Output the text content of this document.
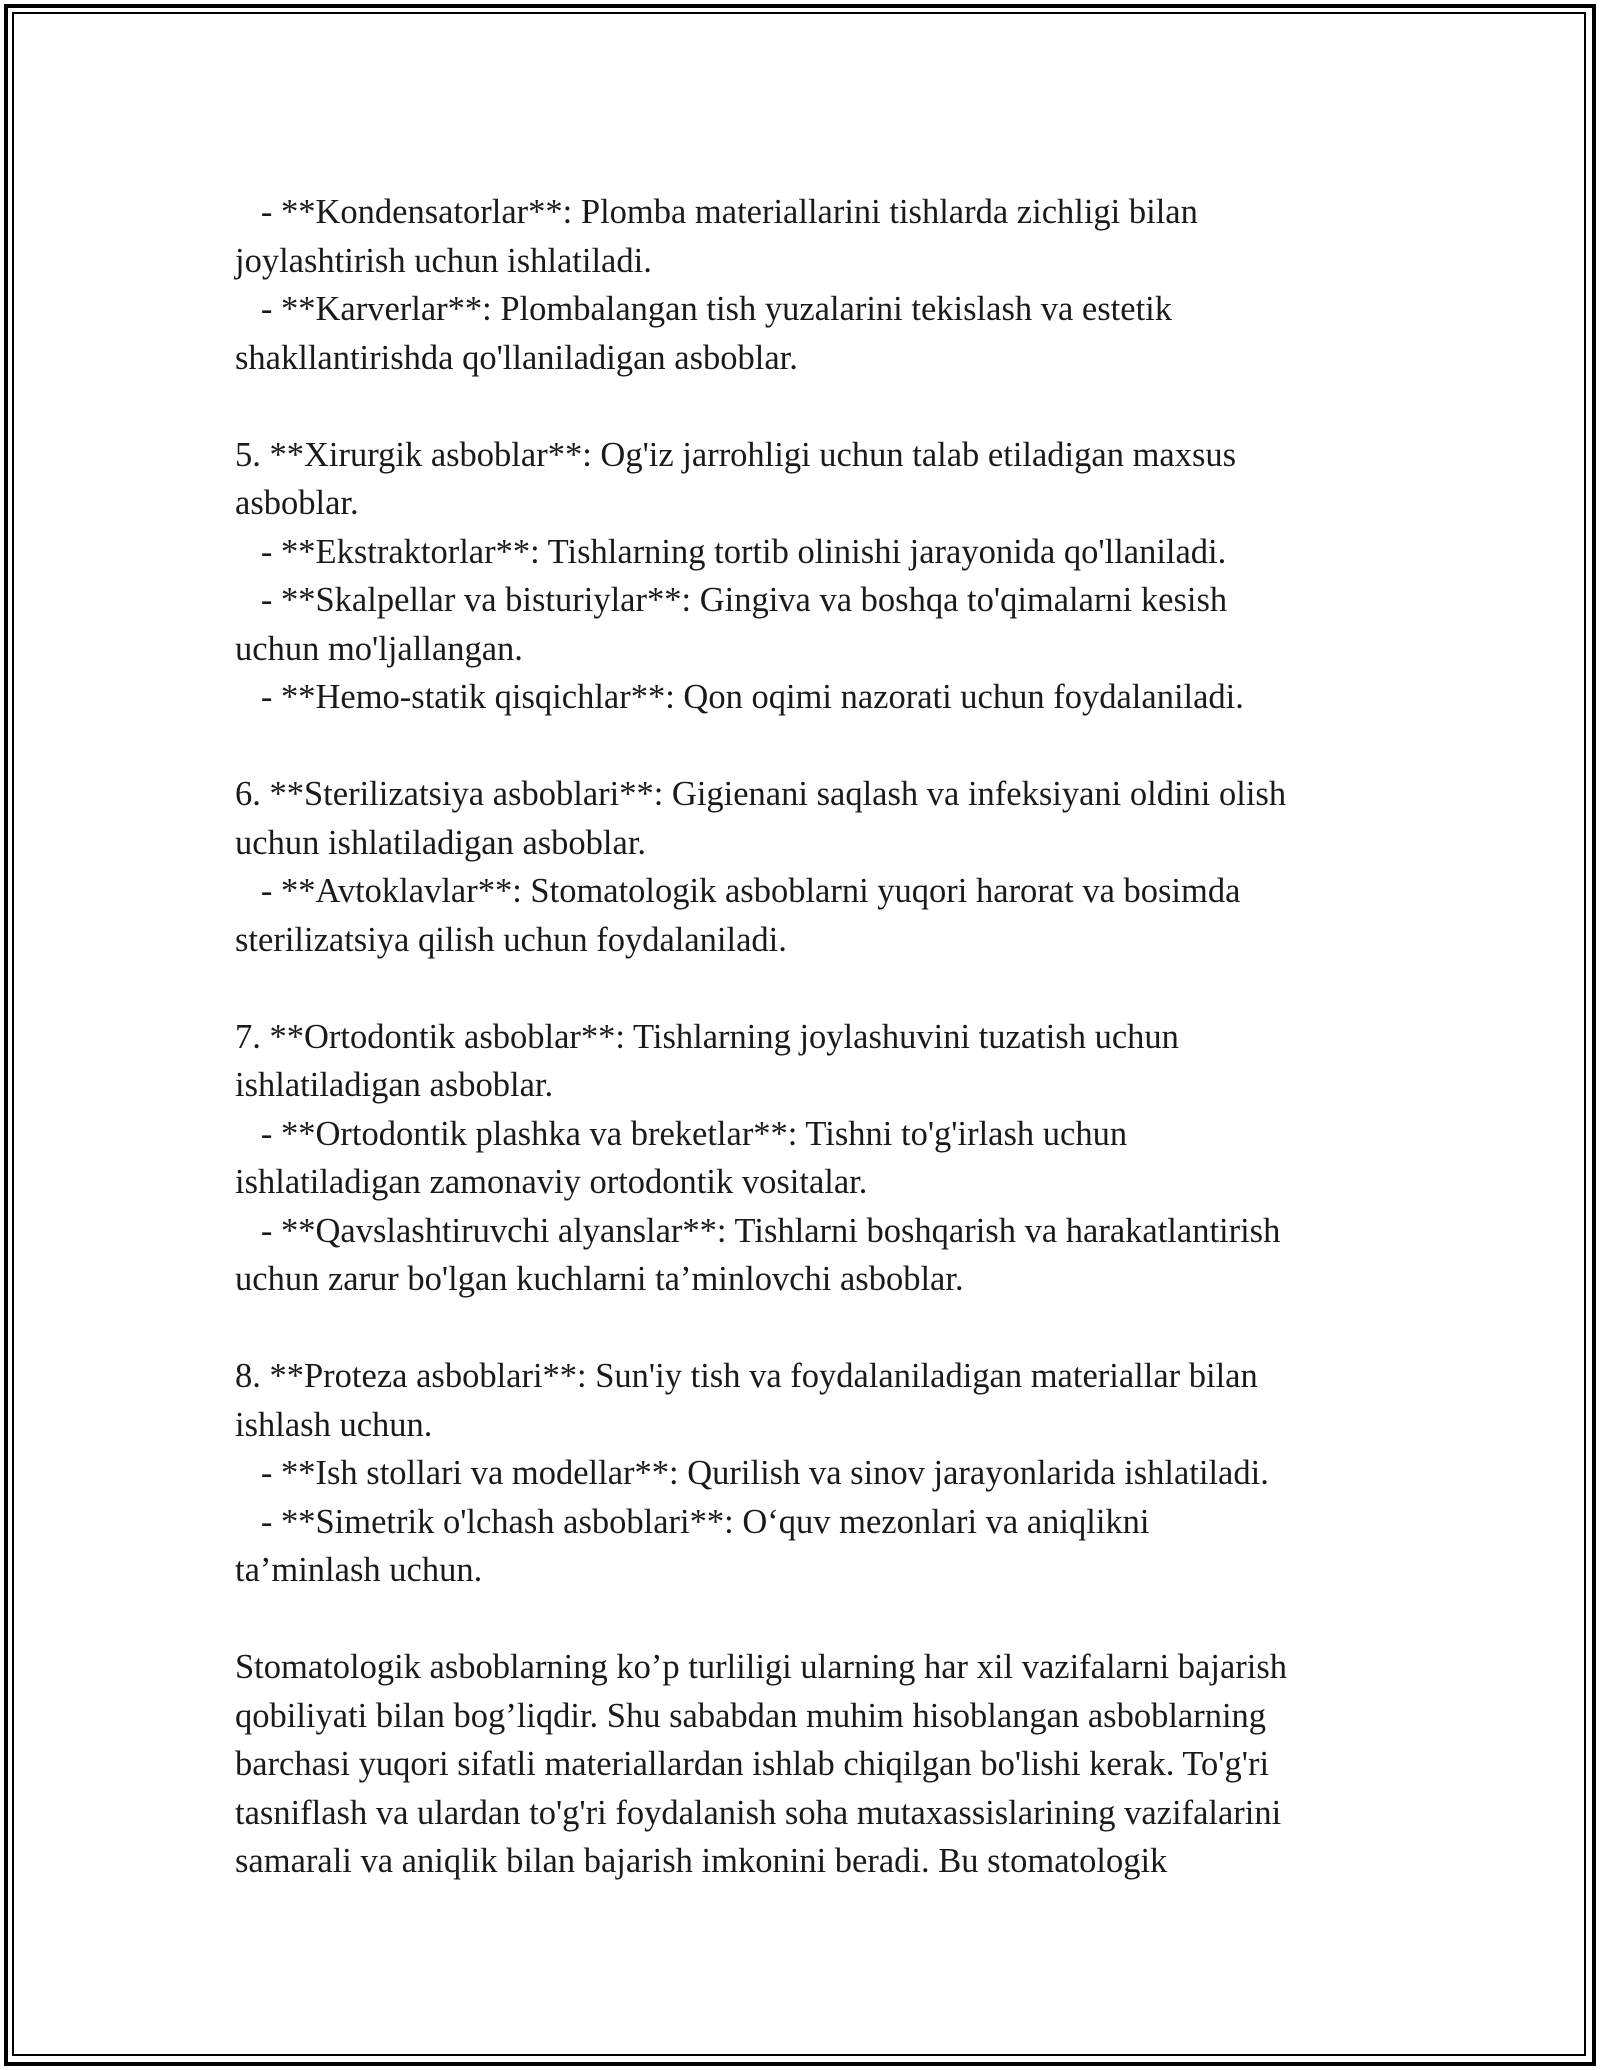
- **Kondensatorlar**: Plomba materiallarini tishlarda zichligi bilan
joylashtirish uchun ishlatiladi.
- **Karverlar**: Plombalangan tish yuzalarini tekislash va estetik
shakllantirishda qo'llaniladigan asboblar.
5. **Xirurgik asboblar**: Og'iz jarrohligi uchun talab etiladigan maxsus
asboblar.
- **Ekstraktorlar**: Tishlarning tortib olinishi jarayonida qo'llaniladi.
- **Skalpellar va bisturiylar**: Gingiva va boshqa to'qimalarni kesish
uchun mo'ljallangan.
- **Hemo-statik qisqichlar**: Qon oqimi nazorati uchun foydalaniladi.
6. **Sterilizatsiya asboblari**: Gigienani saqlash va infeksiyani oldini olish
uchun ishlatiladigan asboblar.
- **Avtoklavlar**: Stomatologik asboblarni yuqori harorat va bosimda
sterilizatsiya qilish uchun foydalaniladi.
7. **Ortodontik asboblar**: Tishlarning joylashuvini tuzatish uchun
ishlatiladigan asboblar.
- **Ortodontik plashka va breketlar**: Tishni to'g'irlash uchun
ishlatiladigan zamonaviy ortodontik vositalar.
- **Qavslashtiruvchi alyanslar**: Tishlarni boshqarish va harakatlantirish
uchun zarur bo'lgan kuchlarni ta’minlovchi asboblar.
8. **Proteza asboblari**: Sun'iy tish va foydalaniladigan materiallar bilan
ishlash uchun.
- **Ish stollari va modellar**: Qurilish va sinov jarayonlarida ishlatiladi.
- **Simetrik o'lchash asboblari**: O‘quv mezonlari va aniqlikni
ta’minlash uchun.
Stomatologik asboblarning ko’p turliligi ularning har xil vazifalarni bajarish
qobiliyati bilan bog’liqdir. Shu sababdan muhim hisoblangan asboblarning
barchasi yuqori sifatli materiallardan ishlab chiqilgan bo'lishi kerak. To'g'ri
tasniflash va ulardan to'g'ri foydalanish soha mutaxassislarining vazifalarini
samarali va aniqlik bilan bajarish imkonini beradi. Bu stomatologik
